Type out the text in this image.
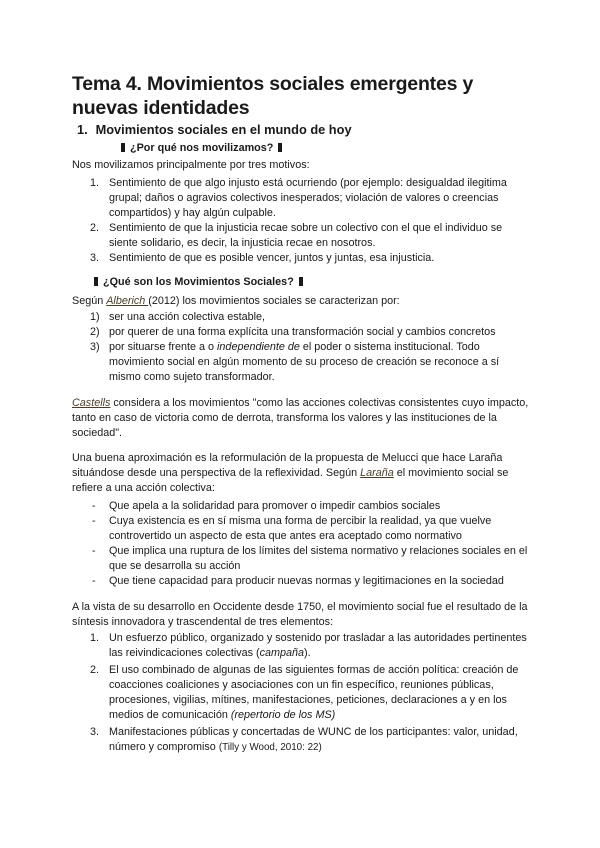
Tema 4. Movimientos sociales emergentes y nuevas identidades
1. Movimientos sociales en el mundo de hoy
¿Por qué nos movilizamos?

Nos movilizamos principalmente por tres motivos:

1. Sentimiento de que algo injusto está ocurriendo (por ejemplo: desigualdad ilegitima grupal; daños o agravios colectivos inesperados; violación de valores o creencias compartidos) y hay algún culpable.
2. Sentimiento de que la injusticia recae sobre un colectivo con el que el individuo se siente solidario, es decir, la injusticia recae en nosotros.
3. Sentimiento de que es posible vencer, juntos y juntas, esa injusticia.
¿Qué son los Movimientos Sociales?

Según Alberich (2012) los movimientos sociales se caracterizan por:

1) ser una acción colectiva estable,
2) por querer de una forma explícita una transformación social y cambios concretos
3) por situarse frente a o independiente de el poder o sistema institucional. Todo movimiento social en algún momento de su proceso de creación se reconoce a sí mismo como sujeto transformador.

Castells considera a los movimientos "como las acciones colectivas consistentes cuyo impacto, tanto en caso de victoria como de derrota, transforma los valores y las instituciones de la sociedad".

Una buena aproximación es la reformulación de la propuesta de Melucci que hace Laraña situándose desde una perspectiva de la reflexividad. Según Laraña el movimiento social se refiere a una acción colectiva:

- Que apela a la solidaridad para promover o impedir cambios sociales
- Cuya existencia es en sí misma una forma de percibir la realidad, ya que vuelve controvertido un aspecto de esta que antes era aceptado como normativo
- Que implica una ruptura de los límites del sistema normativo y relaciones sociales en el que se desarrolla su acción
- Que tiene capacidad para producir nuevas normas y legitimaciones en la sociedad

A la vista de su desarrollo en Occidente desde 1750, el movimiento social fue el resultado de la síntesis innovadora y trascendental de tres elementos:

1. Un esfuerzo público, organizado y sostenido por trasladar a las autoridades pertinentes las reivindicaciones colectivas (campaña).
2. El uso combinado de algunas de las siguientes formas de acción política: creación de coacciones coaliciones y asociaciones con un fin específico, reuniones públicas, procesiones, vigilias, mítines, manifestaciones, peticiones, declaraciones a y en los medios de comunicación (repertorio de los MS)
3. Manifestaciones públicas y concertadas de WUNC de los participantes: valor, unidad, número y compromiso (Tilly y Wood, 2010: 22)
